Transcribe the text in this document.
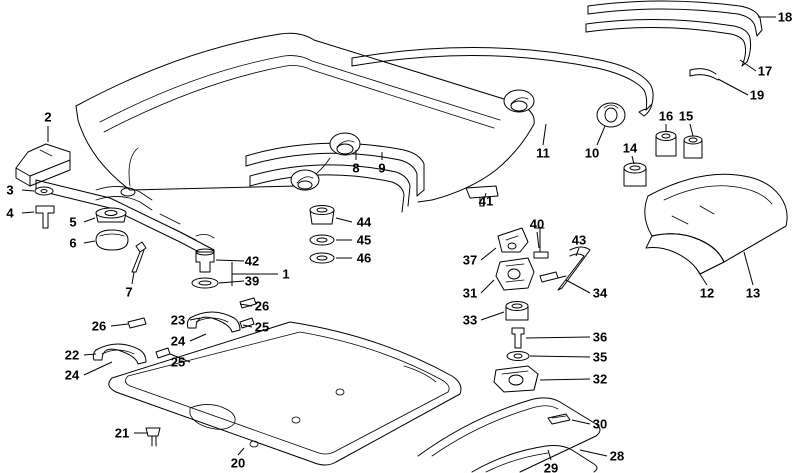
1
2
3
4
5
6
7
8 9
10
11
12 13
14
15
16
17
18
19
20
21
22
23
24
24
25
25
26
26
28
29
30
31
32
33
34
35
36
37
39
40
41
42
43
44
45
46
